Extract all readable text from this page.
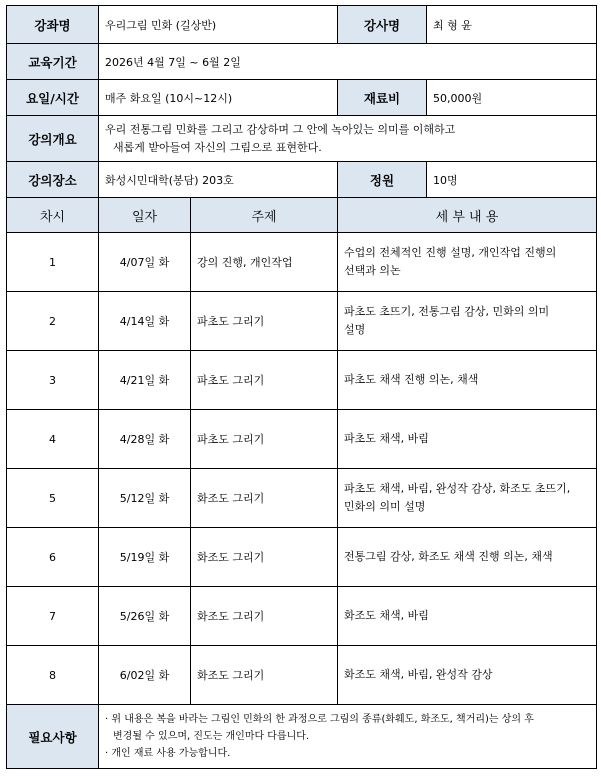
강좌명	우리그림 민화 (길상반)		강사명	최 형 윤
교육기간	2026년 4월 7일 ~ 6월 2일			
요일/시간	매주 화요일 (10시~12시)		재료비	50,000원
강의개요	우리 전통그림 민화를 그리고 감상하며 그 안에 녹아있는 의미를 이해하고
새롭게 받아들여 자신의 그림으로 표현한다.			

강의장소	화성시민대학(봉담) 203호		정원	10명
차시	일자	주제	세 부 내 용	
1	4/07일 화	강의 진행, 개인작업	수업의 전체적인 진행 설명, 개인작업 진행의
선택과 의논	

2	4/14일 화	파초도 그리기	파초도 초뜨기, 전통그림 감상, 민화의 의미
설명	

3	4/21일 화	파초도 그리기	파초도 채색 진행 의논, 채색	

4	4/28일 화	파초도 그리기	파초도 채색, 바림	

5	5/12일 화	화조도 그리기	파초도 채색, 바림, 완성작 감상, 화조도 초뜨기,
민화의 의미 설명	

6	5/19일 화	화조도 그리기	전통그림 감상, 화조도 채색 진행 의논, 채색	

7	5/26일 화	화조도 그리기	화조도 채색, 바림	

8	6/02일 화	화조도 그리기	화조도 채색, 바림, 완성작 감상	

필요사항	· 위 내용은 복을 바라는 그림인 민화의 한 과정으로 그림의 종류(화훼도, 화조도, 책거리)는 상의 후
변경될 수 있으며, 진도는 개인마다 다릅니다.
· 개인 재료 사용 가능합니다.			
